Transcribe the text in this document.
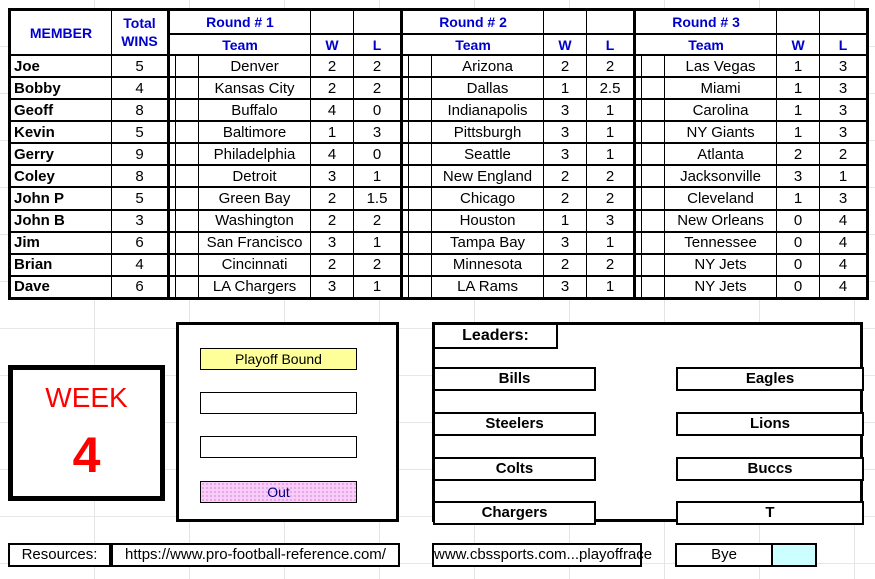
MEMBER	Total
WINS	Round # 1					Round # 2					Round # 3				
		Team			W	L	Team			W	L	Team			W	L
Joe	5			Denver	2	2			Arizona	2	2			Las Vegas	1	3
Bobby	4			Kansas City	2	2			Dallas	1	2.5			Miami	1	3
Geoff	8			Buffalo	4	0			Indianapolis	3	1			Carolina	1	3
Kevin	5			Baltimore	1	3			Pittsburgh	3	1			NY Giants	1	3
Gerry	9			Philadelphia	4	0			Seattle	3	1			Atlanta	2	2
Coley	8			Detroit	3	1			New England	2	2			Jacksonville	3	1
John P	5			Green Bay	2	1.5			Chicago	2	2			Cleveland	1	3
John B	3			Washington	2	2			Houston	1	3			New Orleans	0	4
Jim	6			San Francisco	3	1			Tampa Bay	3	1			Tennessee	0	4
Brian	4			Cincinnati	2	2			Minnesota	2	2			NY Jets	0	4
Dave	6			LA Chargers	3	1			LA Rams	3	1			NY Jets	0	4
WEEK
4
Playoff Bound
Out
Leaders:
Bills
Steelers
Colts
Chargers
Eagles
Lions
Buccs
T
Resources:	https://www.pro-football-reference.com/	www.cbssports.com...playoffrace	Bye
